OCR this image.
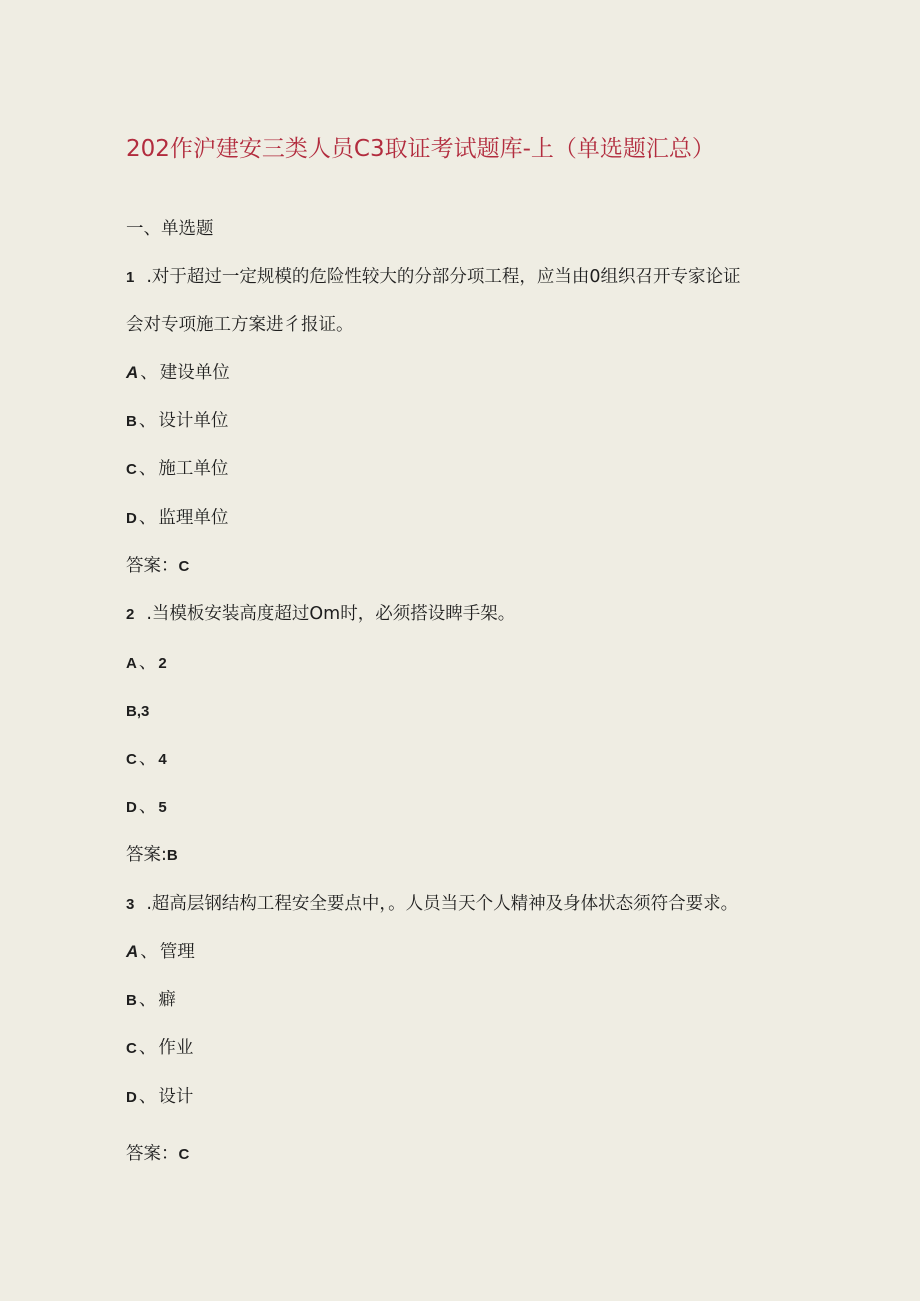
202作沪建安三类人员C3取证考试题库-上（单选题汇总）
一、单选题
1 .对于超过一定规模的危险性较大的分部分项工程，应当由0组织召开专家论证
会对专项施工方案进彳报证。
A 、 建设单位
B 、 设计单位
C 、 施工单位
D 、 监理单位
答案：C
2 .当模板安装高度超过Om时，必须搭设睥手架。
A 、 2
B,3
C 、 4
D 、 5
答案:B
3 .超高层钢结构工程安全要点中，。人员当天个人精神及身体状态须符合要求。
A 、 管理
B 、 癖
C 、 作业
D 、 设计
答案：C
